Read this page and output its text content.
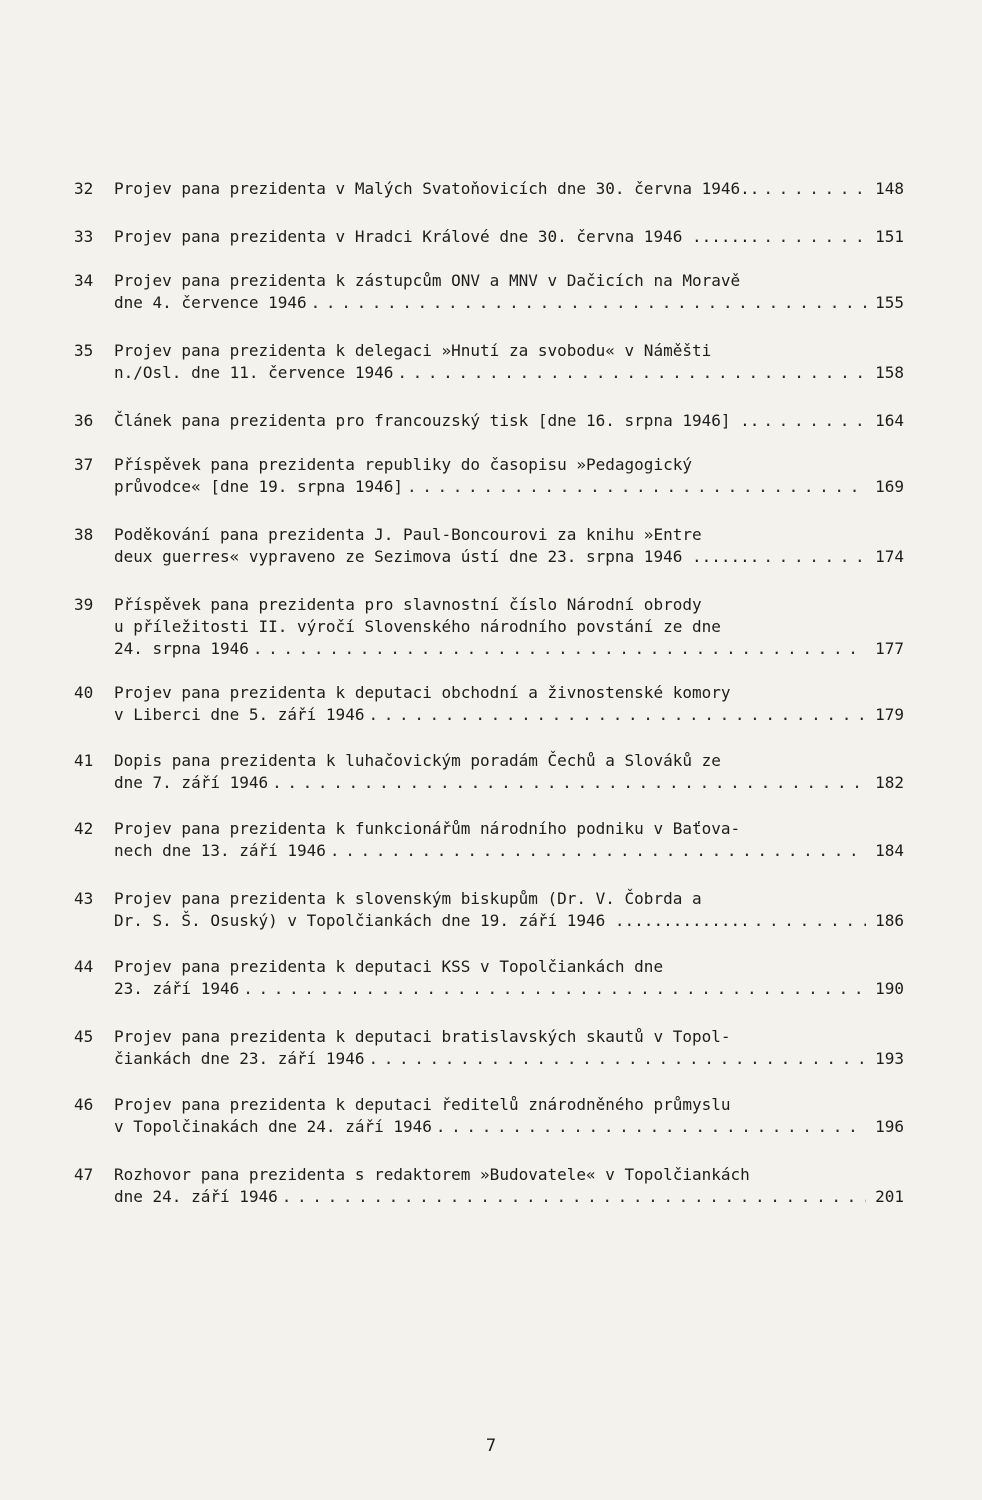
32	Projev pana prezidenta v Malých Svatoňovicích dne 30. června 1946.. . . .	148
33	Projev pana prezidenta v Hradci Králové dne 30. června 1946 ....... . . .	151
34	Projev pana prezidenta k zástupcům ONV a MNV v Dačicích na Moravě
dne 4. července 1946 . . .	155
35	Projev pana prezidenta k delegaci »Hnutí za svobodu« v Náměšti
n./Osl. dne 11. července 1946 . . .	158
36	Článek pana prezidenta pro francouzský tisk [dne 16. srpna 1946] .. . . .	164
37	Příspěvek pana prezidenta republiky do časopisu »Pedagogický
průvodce« [dne 19. srpna 1946] . . .	169
38	Poděkování pana prezidenta J. Paul-Boncourovi za knihu »Entre
deux guerres« vypraveno ze Sezimova ústí dne 23. srpna 1946 ....... . . .	174
39	Příspěvek pana prezidenta pro slavnostní číslo Národní obrody
u příležitosti II. výročí Slovenského národního povstání ze dne
24. srpna 1946 . . .	177
40	Projev pana prezidenta k deputaci obchodní a živnostenské komory
v Liberci dne 5. září 1946 . . .	179
41	Dopis pana prezidenta k luhačovickým poradám Čechů a Slováků ze
dne 7. září 1946 . . .	182
42	Projev pana prezidenta k funkcionářům národního podniku v Baťova-
nech dne 13. září 1946 . . .	184
43	Projev pana prezidenta k slovenským biskupům (Dr. V. Čobrda a
Dr. S. Š. Osuský) v Topolčiankách dne 19. září 1946 .............. . . .	186
44	Projev pana prezidenta k deputaci KSS v Topolčiankách dne
23. září 1946 . . .	190
45	Projev pana prezidenta k deputaci bratislavských skautů v Topol-
čiankách dne 23. září 1946 . . .	193
46	Projev pana prezidenta k deputaci ředitelů znárodněného průmyslu
v Topolčinakách dne 24. září 1946 . . .	196
47	Rozhovor pana prezidenta s redaktorem »Budovatele« v Topolčiankách
dne 24. září 1946 . . .	201
7
